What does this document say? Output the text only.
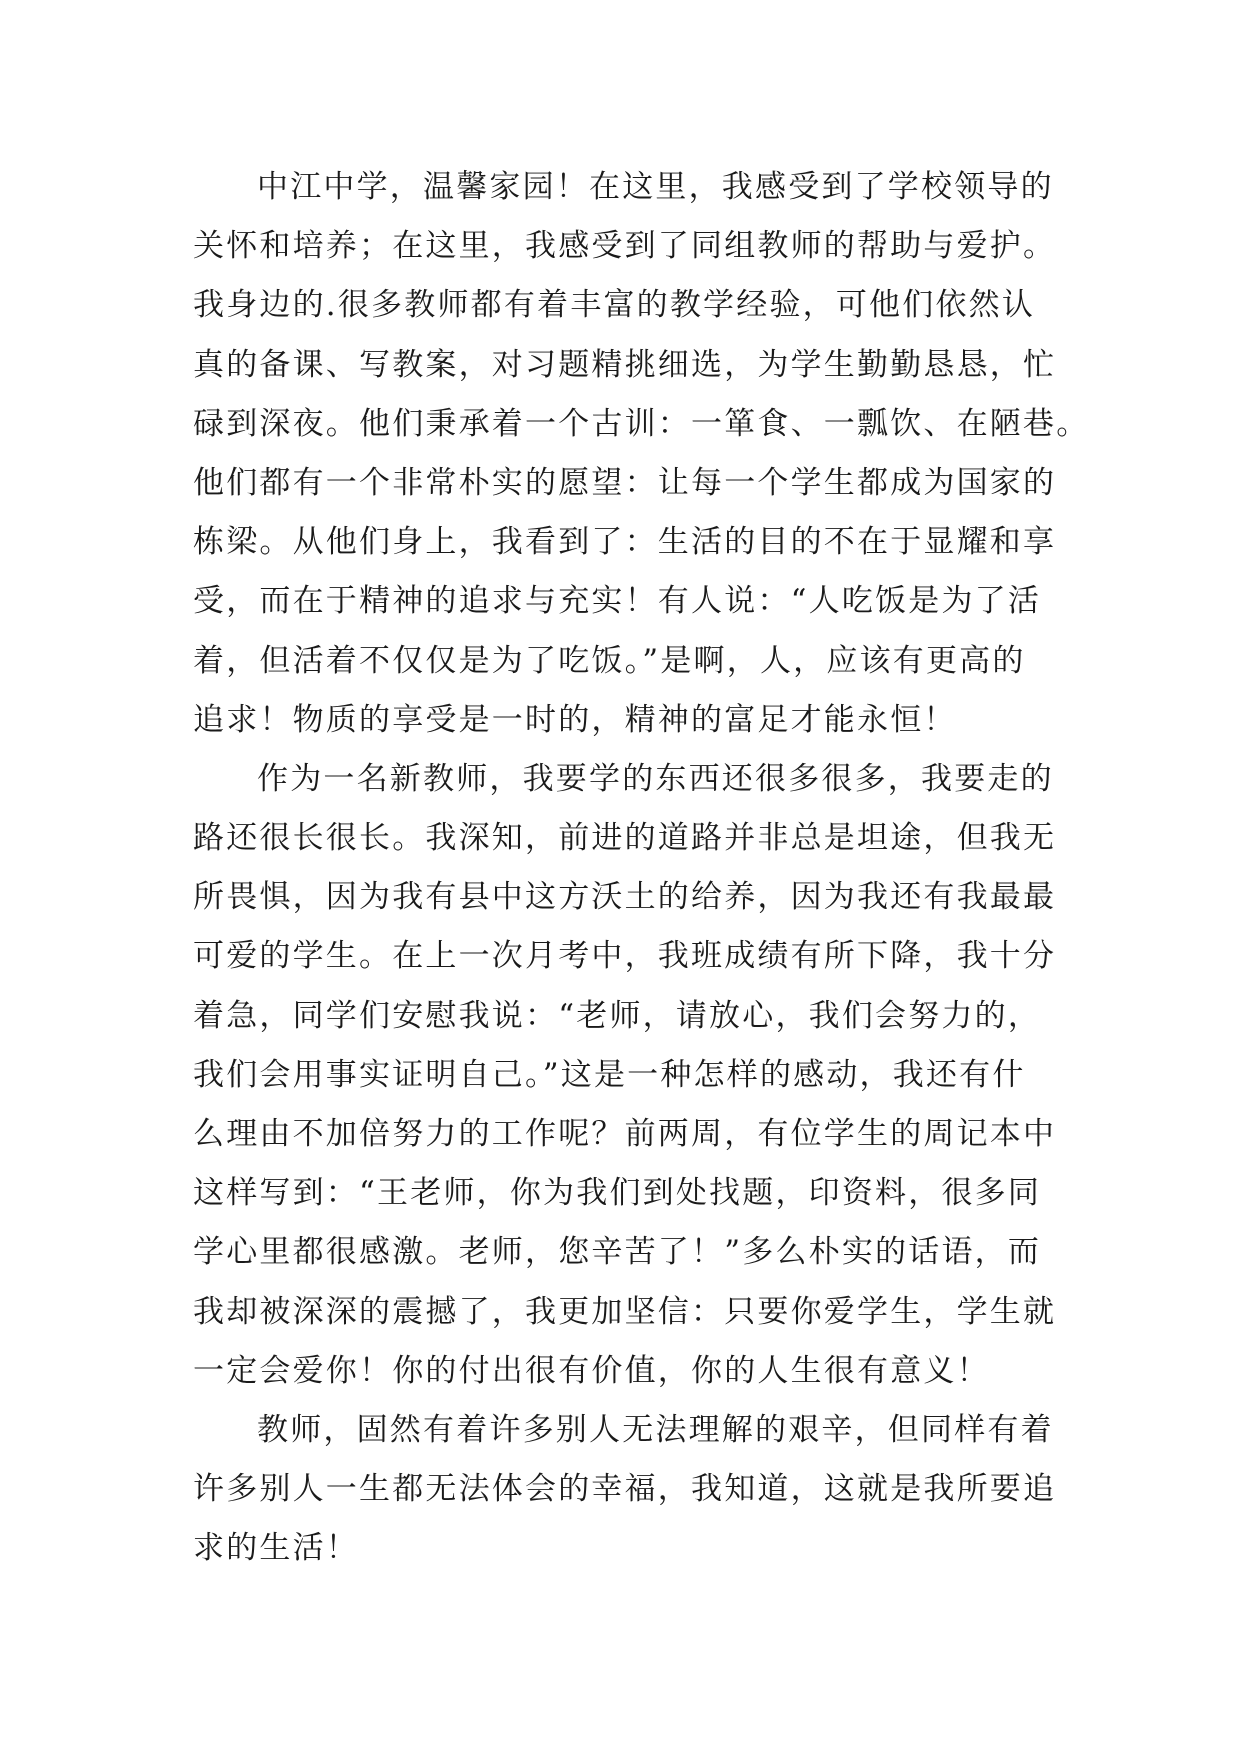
中江中学，温馨家园！在这里，我感受到了学校领导的
关怀和培养；在这里，我感受到了同组教师的帮助与爱护。
我身边的.很多教师都有着丰富的教学经验，可他们依然认
真的备课、写教案，对习题精挑细选，为学生勤勤恳恳，忙
碌到深夜。他们秉承着一个古训：一箪食、一瓢饮、在陋巷。
他们都有一个非常朴实的愿望：让每一个学生都成为国家的
栋梁。从他们身上，我看到了：生活的目的不在于显耀和享
受，而在于精神的追求与充实！有人说：“人吃饭是为了活
着，但活着不仅仅是为了吃饭。”是啊，人，应该有更高的
追求！物质的享受是一时的，精神的富足才能永恒！

作为一名新教师，我要学的东西还很多很多，我要走的
路还很长很长。我深知，前进的道路并非总是坦途，但我无
所畏惧，因为我有县中这方沃土的给养，因为我还有我最最
可爱的学生。在上一次月考中，我班成绩有所下降，我十分
着急，同学们安慰我说：“老师，请放心，我们会努力的，
我们会用事实证明自己。”这是一种怎样的感动，我还有什
么理由不加倍努力的工作呢？前两周，有位学生的周记本中
这样写到：“王老师，你为我们到处找题，印资料，很多同
学心里都很感激。老师，您辛苦了！”多么朴实的话语，而
我却被深深的震撼了，我更加坚信：只要你爱学生，学生就
一定会爱你！你的付出很有价值，你的人生很有意义！

教师，固然有着许多别人无法理解的艰辛，但同样有着
许多别人一生都无法体会的幸福，我知道，这就是我所要追
求的生活！
